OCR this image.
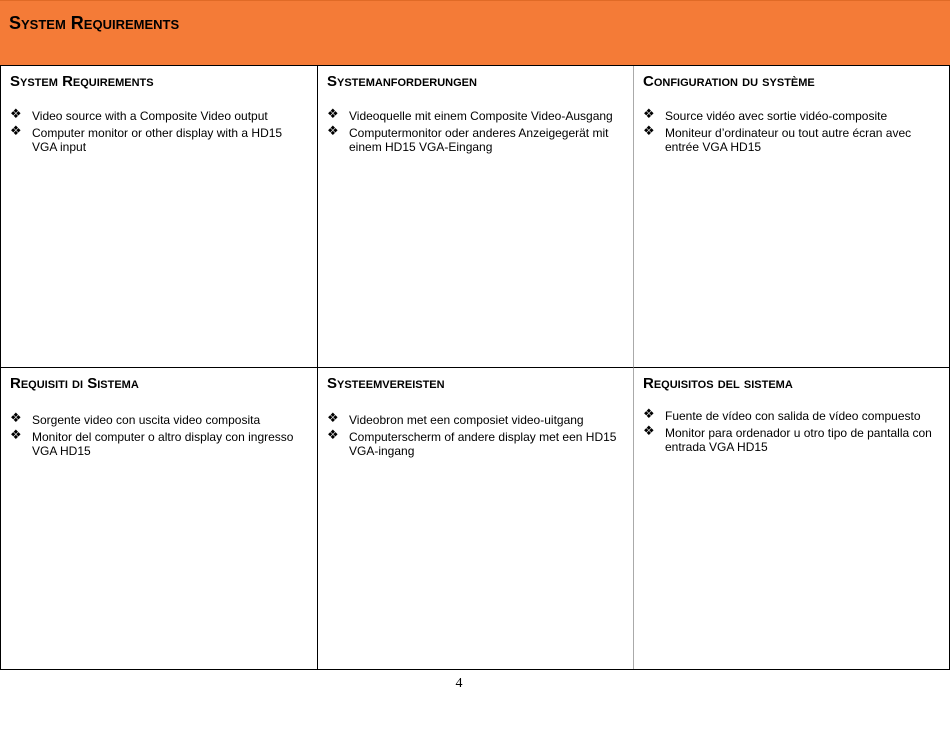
System Requirements
System Requirements
❖ Video source with a Composite Video output
❖ Computer monitor or other display with a HD15 VGA input
Systemanforderungen
❖ Videoquelle mit einem Composite Video-Ausgang
❖ Computermonitor oder anderes Anzeigegerät mit einem HD15 VGA-Eingang
Configuration du système
❖ Source vidéo avec sortie vidéo-composite
❖ Moniteur d’ordinateur ou tout autre écran avec entrée VGA HD15
Requisiti di Sistema
❖ Sorgente video con uscita video composita
❖ Monitor del computer o altro display con ingresso VGA HD15
Systeemvereisten
❖ Videobron met een composiet video-uitgang
❖ Computerscherm of andere display met een HD15 VGA-ingang
Requisitos del sistema
❖ Fuente de vídeo con salida de vídeo compuesto
❖ Monitor para ordenador u otro tipo de pantalla con entrada VGA HD15
4
